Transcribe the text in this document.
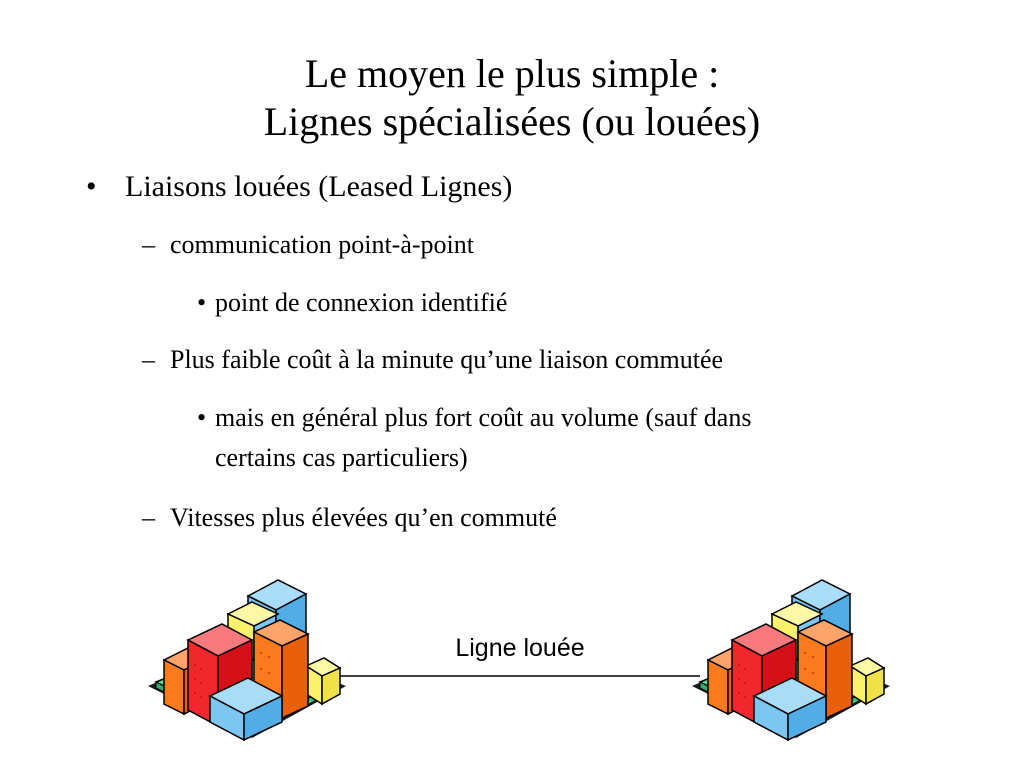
Le moyen le plus simple :
Lignes spécialisées (ou louées)
• Liaisons louées (Leased Lignes)
– communication point-à-point
• point de connexion identifié
– Plus faible coût à la minute qu’une liaison commutée
• mais en général plus fort coût au volume (sauf dans
certains cas particuliers)
– Vitesses plus élevées qu’en commuté
Ligne louée
